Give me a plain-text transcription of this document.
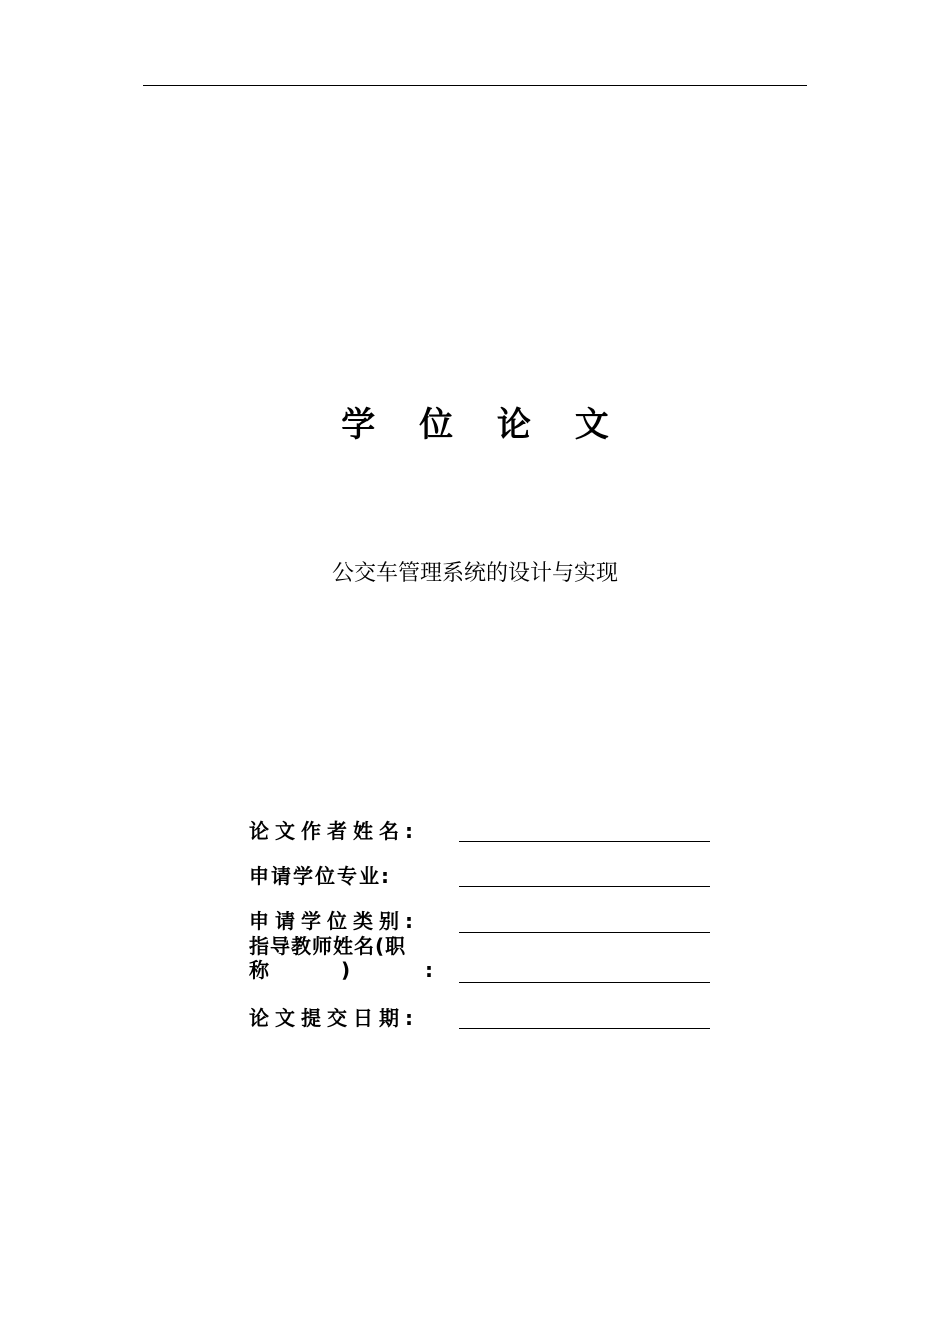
学 位 论 文
公交车管理系统的设计与实现
论文作者姓名:
申请学位专业:
申请学位类别:
指导教师姓名(职
称	)	:
论文提交日期:
